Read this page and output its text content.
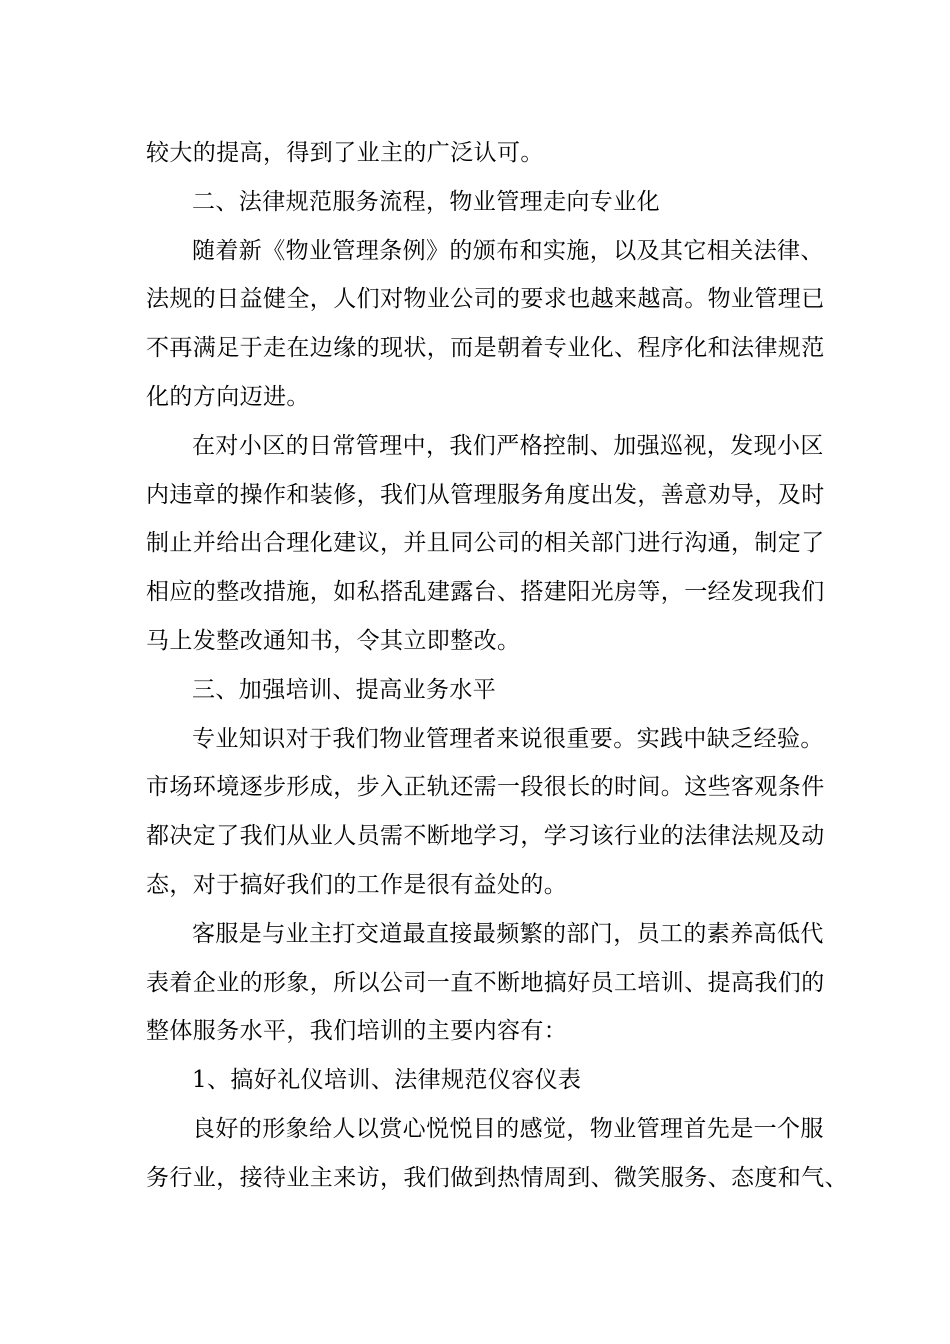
较大的提高，得到了业主的广泛认可。
二、法律规范服务流程，物业管理走向专业化
随着新《物业管理条例》的颁布和实施，以及其它相关法律、
法规的日益健全，人们对物业公司的要求也越来越高。物业管理已
不再满足于走在边缘的现状，而是朝着专业化、程序化和法律规范
化的方向迈进。
在对小区的日常管理中，我们严格控制、加强巡视，发现小区
内违章的操作和装修，我们从管理服务角度出发，善意劝导，及时
制止并给出合理化建议，并且同公司的相关部门进行沟通，制定了
相应的整改措施，如私搭乱建露台、搭建阳光房等，一经发现我们
马上发整改通知书，令其立即整改。
三、加强培训、提高业务水平
专业知识对于我们物业管理者来说很重要。实践中缺乏经验。
市场环境逐步形成，步入正轨还需一段很长的时间。这些客观条件
都决定了我们从业人员需不断地学习，学习该行业的法律法规及动
态，对于搞好我们的工作是很有益处的。
客服是与业主打交道最直接最频繁的部门，员工的素养高低代
表着企业的形象，所以公司一直不断地搞好员工培训、提高我们的
整体服务水平，我们培训的主要内容有：
1、搞好礼仪培训、法律规范仪容仪表
良好的形象给人以赏心悦悦目的感觉，物业管理首先是一个服
务行业，接待业主来访，我们做到热情周到、微笑服务、态度和气、
